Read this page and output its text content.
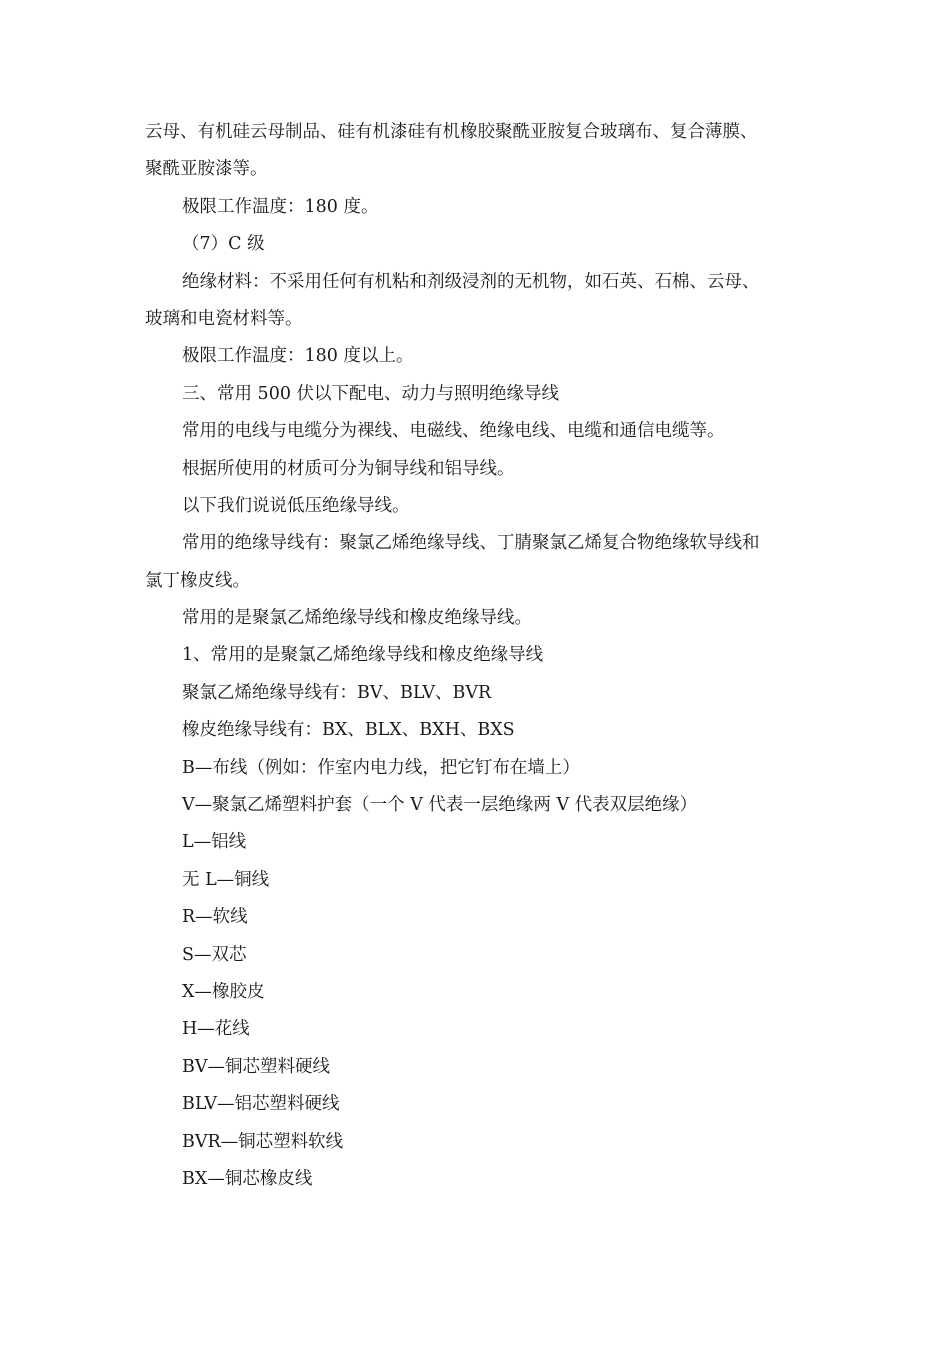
云母、有机硅云母制品、硅有机漆硅有机橡胶聚酰亚胺复合玻璃布、复合薄膜、
聚酰亚胺漆等。
极限工作温度：180 度。
（7）C 级
绝缘材料：不采用任何有机粘和剂级浸剂的无机物，如石英、石棉、云母、
玻璃和电瓷材料等。
极限工作温度：180 度以上。
三、常用 500 伏以下配电、动力与照明绝缘导线
常用的电线与电缆分为裸线、电磁线、绝缘电线、电缆和通信电缆等。
根据所使用的材质可分为铜导线和铝导线。
以下我们说说低压绝缘导线。
常用的绝缘导线有：聚氯乙烯绝缘导线、丁腈聚氯乙烯复合物绝缘软导线和
氯丁橡皮线。
常用的是聚氯乙烯绝缘导线和橡皮绝缘导线。
1、常用的是聚氯乙烯绝缘导线和橡皮绝缘导线
聚氯乙烯绝缘导线有：BV、BLV、BVR
橡皮绝缘导线有：BX、BLX、BXH、BXS
B—布线（例如：作室内电力线，把它钉布在墙上）
V—聚氯乙烯塑料护套（一个 V 代表一层绝缘两 V 代表双层绝缘）
L—铝线
无 L—铜线
R—软线
S—双芯
X—橡胶皮
H—花线
BV—铜芯塑料硬线
BLV—铝芯塑料硬线
BVR—铜芯塑料软线
BX—铜芯橡皮线
